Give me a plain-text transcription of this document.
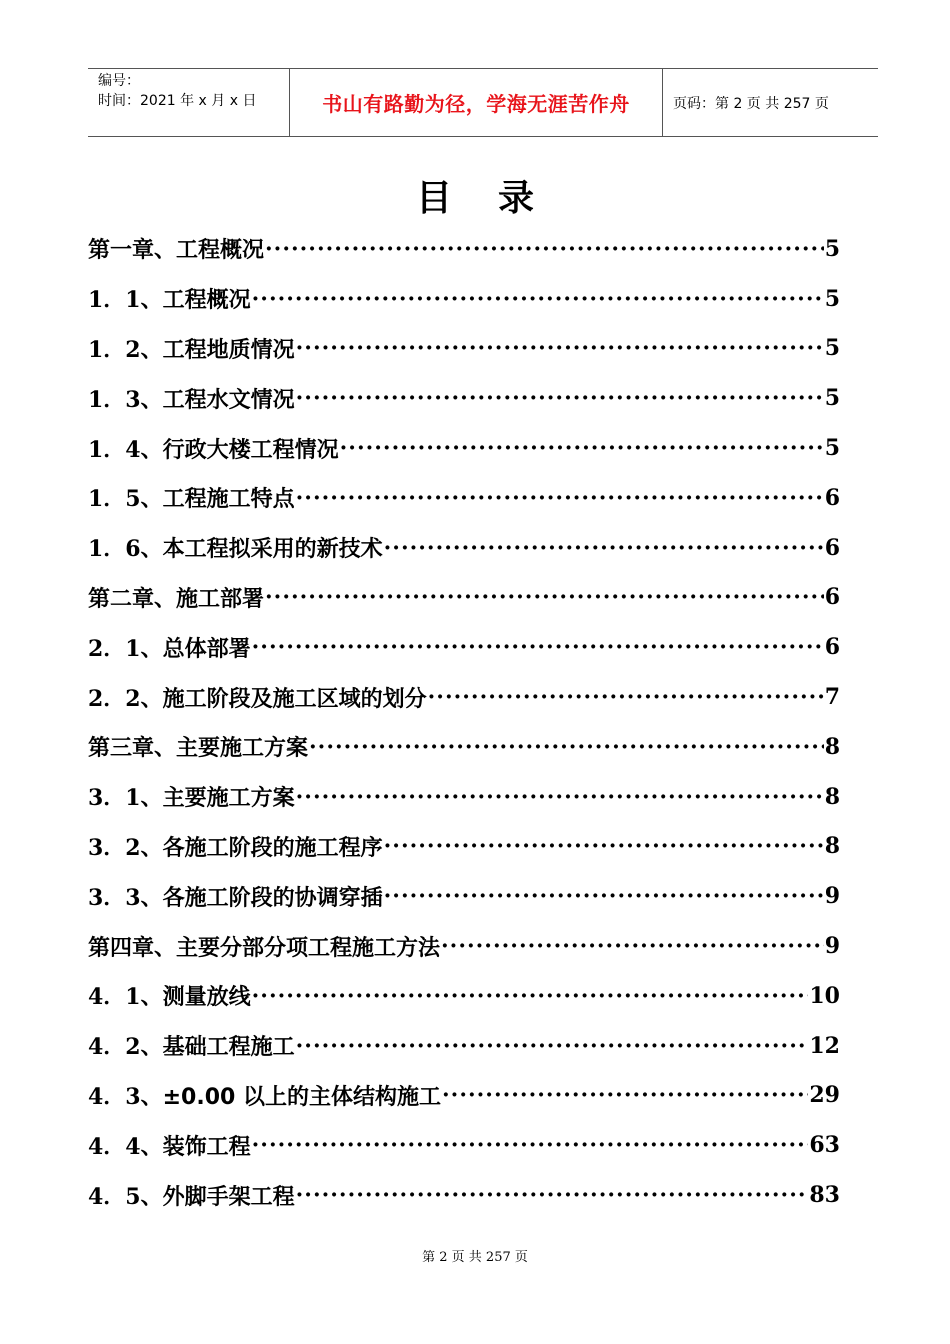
编号：
时间：2021 年 x 月 x 日	书山有路勤为径，学海无涯苦作舟	页码：第 2 页 共 257 页
目 录
第一章、工程概况 ·····	5
1．1、工程概况 ·····	5
1．2、工程地质情况 ·····	5
1．3、工程水文情况 ·····	5
1．4、行政大楼工程情况 ·····	5
1．5、工程施工特点 ·····	6
1．6、本工程拟采用的新技术 ·····	6
第二章、施工部署 ·····	6
2．1、总体部署 ·····	6
2．2、施工阶段及施工区域的划分 ·····	7
第三章、主要施工方案 ·····	8
3．1、主要施工方案 ·····	8
3．2、各施工阶段的施工程序 ·····	8
3．3、各施工阶段的协调穿插 ·····	9
第四章、主要分部分项工程施工方法 ·····	9
4．1、测量放线 ·····	10
4．2、基础工程施工 ·····	12
4．3、±0.00 以上的主体结构施工 ·····	29
4．4、装饰工程 ·····	63
4．5、外脚手架工程 ·····	83
第 2 页 共 257 页
